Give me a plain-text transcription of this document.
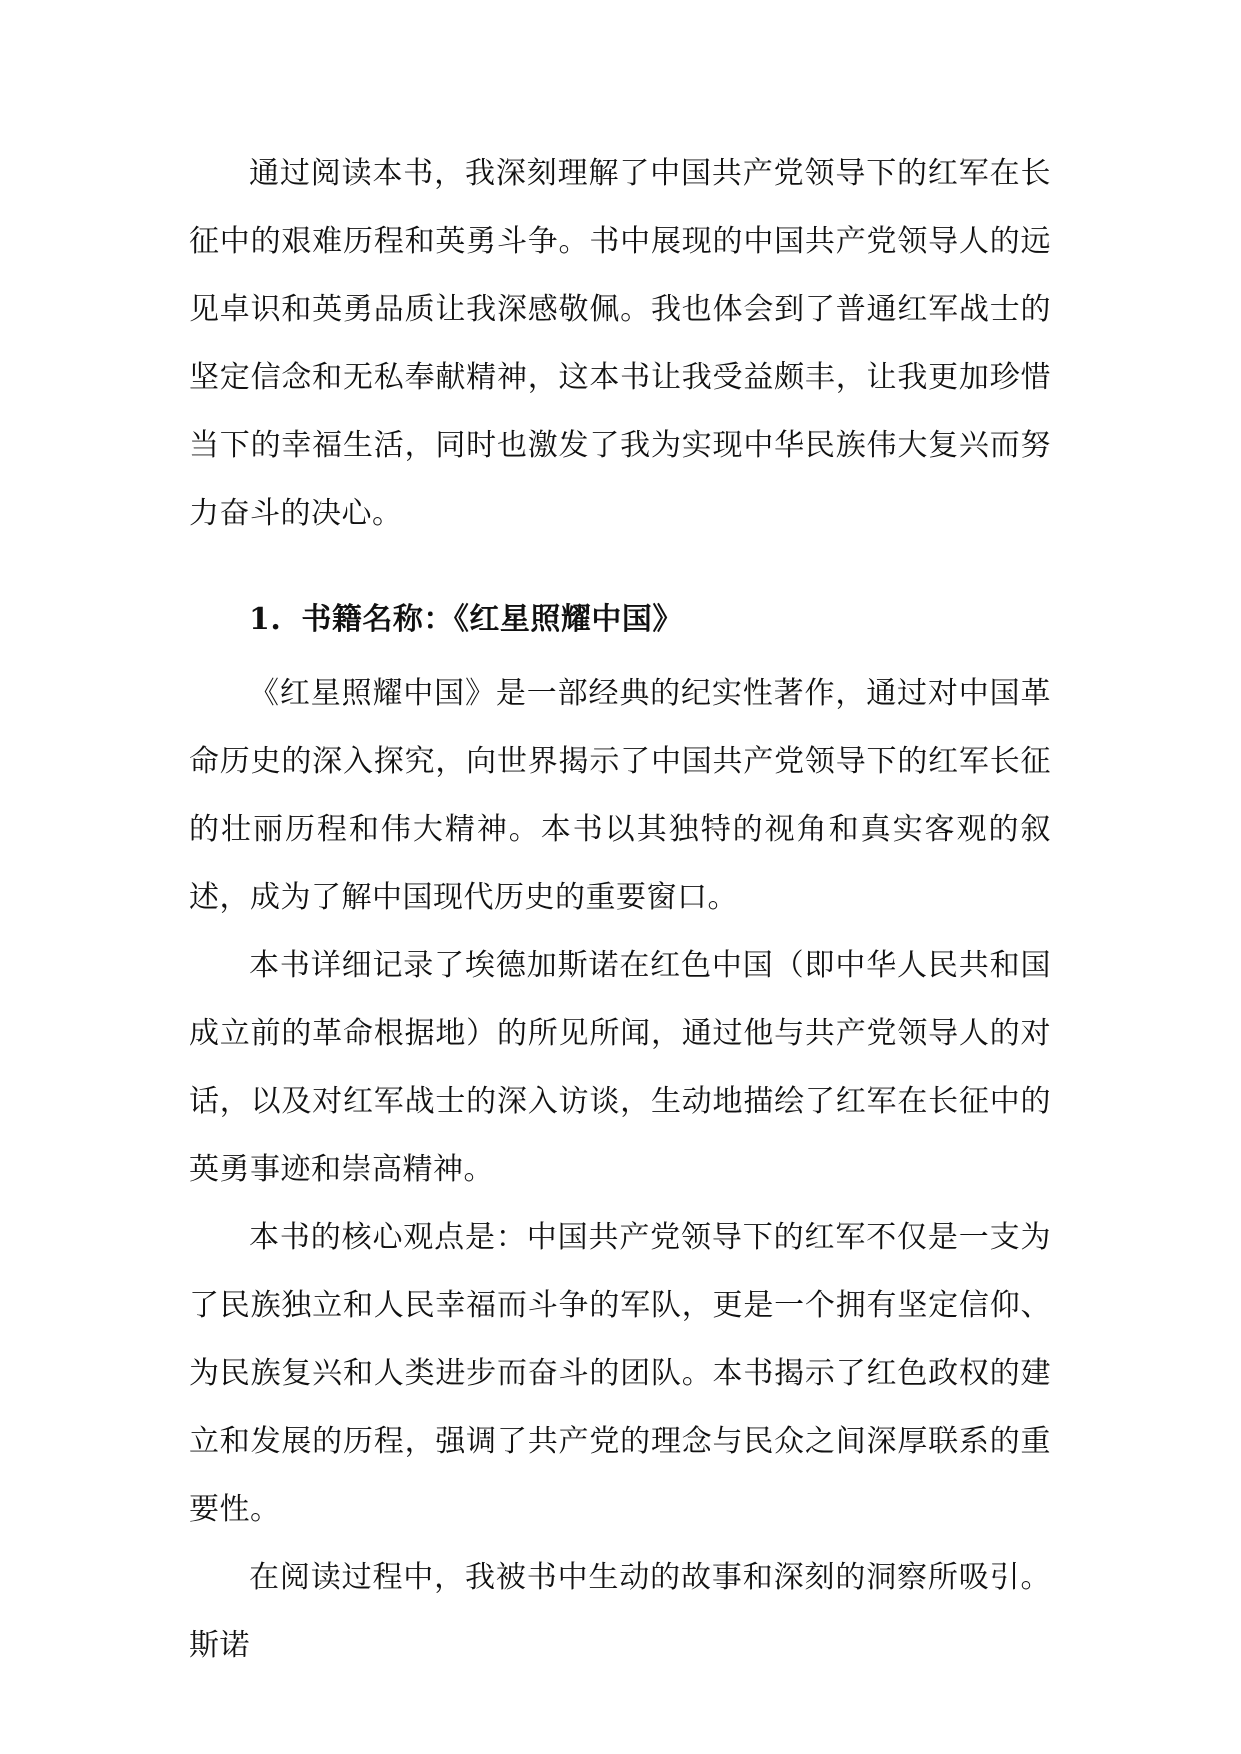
通过阅读本书，我深刻理解了中国共产党领导下的红军在长征中的艰难历程和英勇斗争。书中展现的中国共产党领导人的远见卓识和英勇品质让我深感敬佩。我也体会到了普通红军战士的坚定信念和无私奉献精神，这本书让我受益颇丰，让我更加珍惜当下的幸福生活，同时也激发了我为实现中华民族伟大复兴而努力奋斗的决心。

1. 书籍名称：《红星照耀中国》

《红星照耀中国》是一部经典的纪实性著作，通过对中国革命历史的深入探究，向世界揭示了中国共产党领导下的红军长征的壮丽历程和伟大精神。本书以其独特的视角和真实客观的叙述，成为了解中国现代历史的重要窗口。

本书详细记录了埃德加斯诺在红色中国（即中华人民共和国成立前的革命根据地）的所见所闻，通过他与共产党领导人的对话，以及对红军战士的深入访谈，生动地描绘了红军在长征中的英勇事迹和崇高精神。

本书的核心观点是：中国共产党领导下的红军不仅是一支为了民族独立和人民幸福而斗争的军队，更是一个拥有坚定信仰、为民族复兴和人类进步而奋斗的团队。本书揭示了红色政权的建立和发展的历程，强调了共产党的理念与民众之间深厚联系的重要性。

在阅读过程中，我被书中生动的故事和深刻的洞察所吸引。斯诺
